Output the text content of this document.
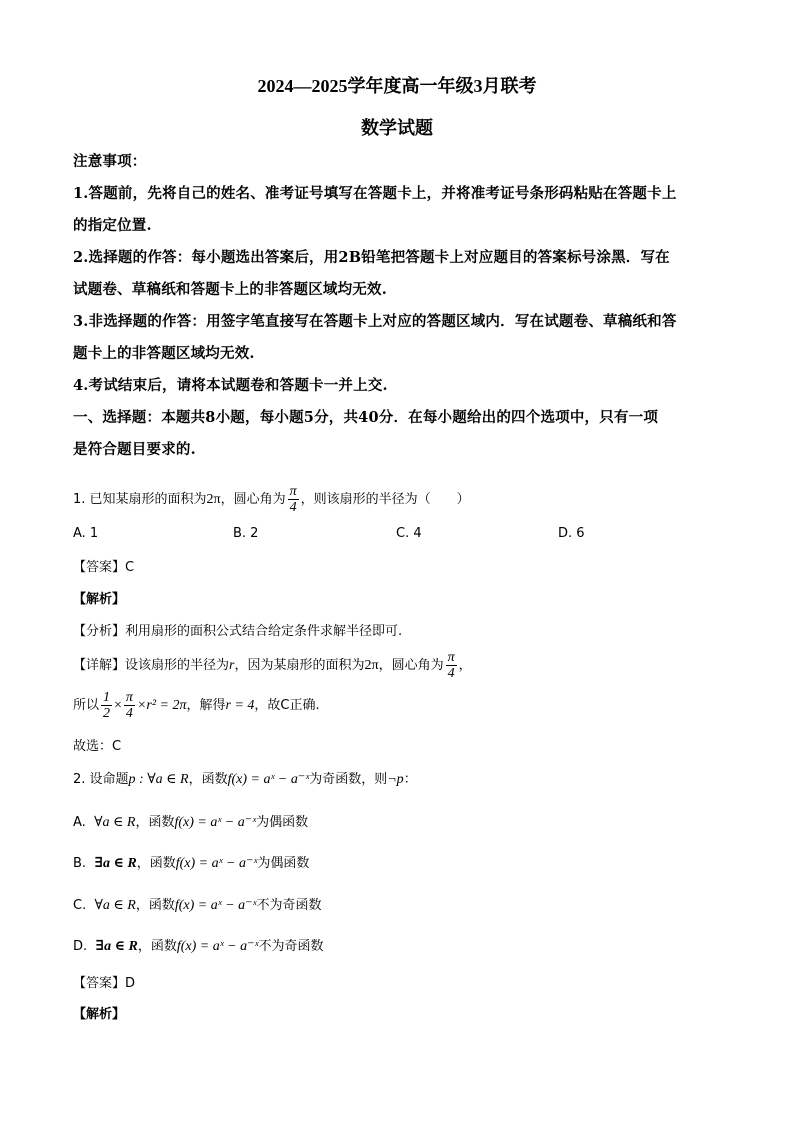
2024—2025学年度高一年级3月联考
数学试题
注意事项：
1.答题前，先将自己的姓名、准考证号填写在答题卡上，并将准考证号条形码粘贴在答题卡上
的指定位置.
2.选择题的作答：每小题选出答案后，用2B铅笔把答题卡上对应题目的答案标号涂黑．写在
试题卷、草稿纸和答题卡上的非答题区域均无效.
3.非选择题的作答：用签字笔直接写在答题卡上对应的答题区域内．写在试题卷、草稿纸和答
题卡上的非答题区域均无效.
4.考试结束后，请将本试题卷和答题卡一并上交.
一、选择题：本题共8小题，每小题5分，共40分．在每小题给出的四个选项中，只有一项
是符合题目要求的.
1. 已知某扇形的面积为2π，圆心角为 $\frac{\pi}{4}$ ，则该扇形的半径为（　　）
A. 1	B. 2	C. 4	D. 6
【答案】C
【解析】
【分析】利用扇形的面积公式结合给定条件求解半径即可.
【详解】设该扇形的半径为r，因为某扇形的面积为2π，圆心角为 $\frac{\pi}{4}$ ，
所以 $\frac{1}{2} \times \frac{\pi}{4} \times r^2 = 2\pi$，解得r = 4，故C正确.
故选：C
2. 设命题p : ∀a ∈ R，函数f(x) = aˣ − a⁻ˣ为奇函数，则¬p：
A. ∀a ∈ R，函数f(x) = aˣ − a⁻ˣ为偶函数
B. ∃a ∈ R，函数f(x) = aˣ − a⁻ˣ为偶函数
C. ∀a ∈ R，函数f(x) = aˣ − a⁻ˣ不为奇函数
D. ∃a ∈ R，函数f(x) = aˣ − a⁻ˣ不为奇函数
【答案】D
【解析】
